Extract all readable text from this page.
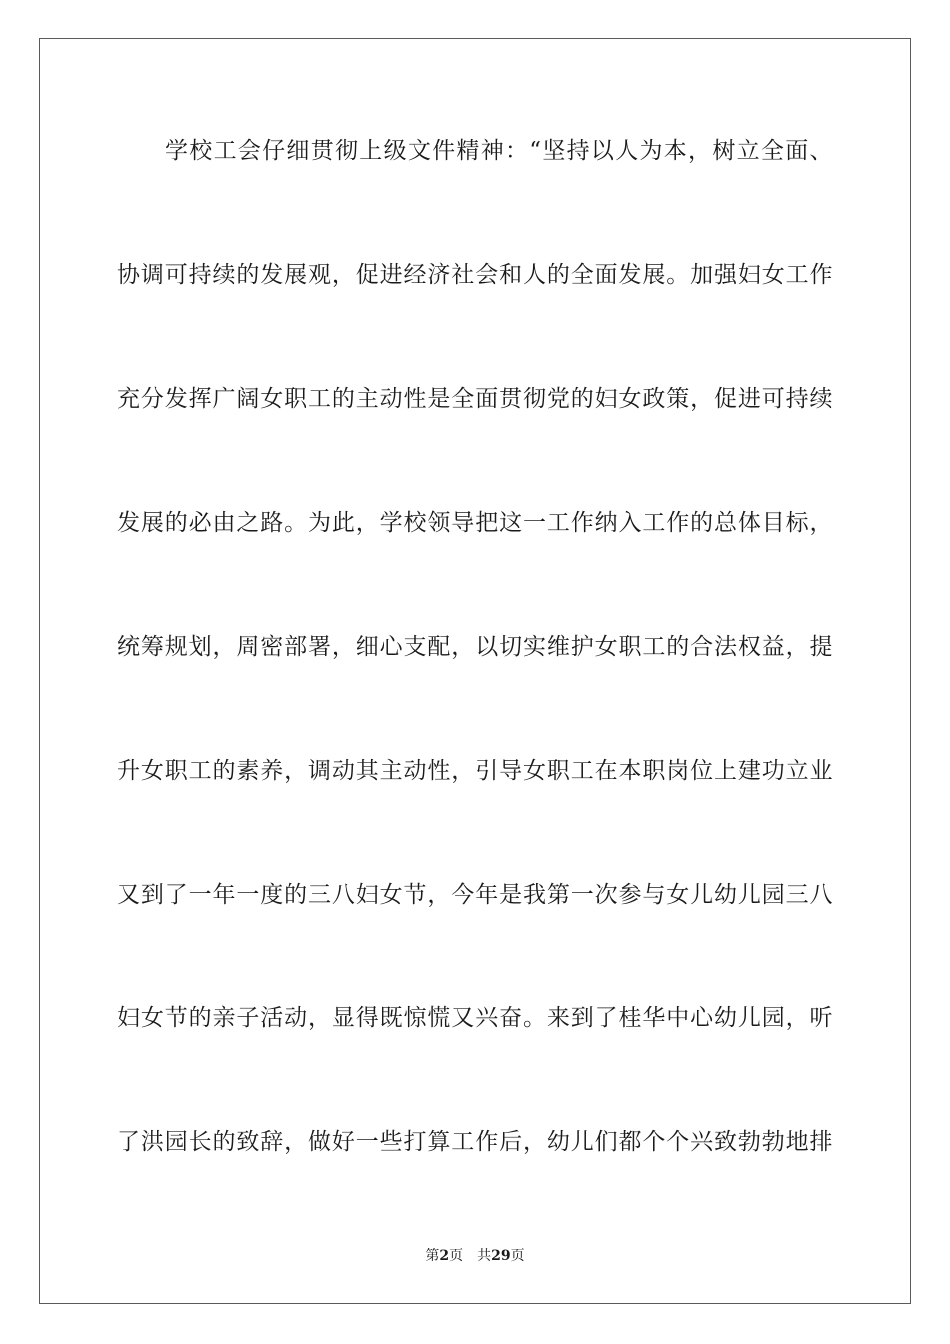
学校工会仔细贯彻上级文件精神：“坚持以人为本，树立全面、
协调可持续的发展观，促进经济社会和人的全面发展。加强妇女工作
充分发挥广阔女职工的主动性是全面贯彻党的妇女政策，促进可持续
发展的必由之路。为此，学校领导把这一工作纳入工作的总体目标，
统筹规划，周密部署，细心支配，以切实维护女职工的合法权益，提
升女职工的素养，调动其主动性，引导女职工在本职岗位上建功立业
又到了一年一度的三八妇女节，今年是我第一次参与女儿幼儿园三八
妇女节的亲子活动，显得既惊慌又兴奋。来到了桂华中心幼儿园，听
了洪园长的致辞，做好一些打算工作后，幼儿们都个个兴致勃勃地排
第2页 共29页
